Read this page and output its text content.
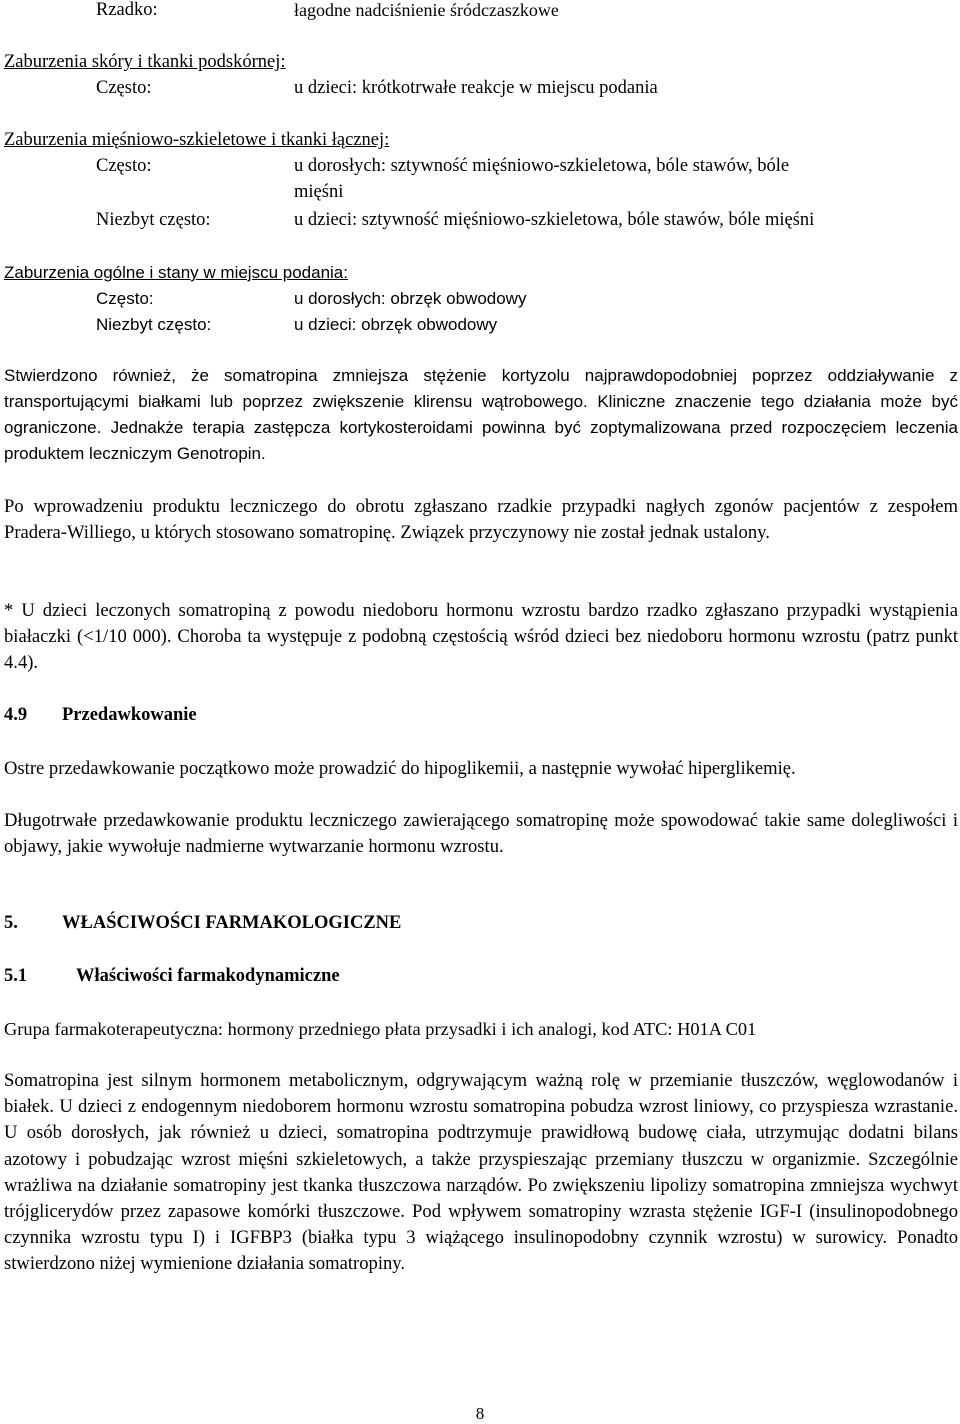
Rzadko:	łagodne nadciśnienie śródczaszkowe
Zaburzenia skóry i tkanki podskórnej:
Często:	u dzieci: krótkotrwałe reakcje w miejscu podania
Zaburzenia mięśniowo-szkieletowe i tkanki łącznej:
Często:	u dorosłych: sztywność mięśniowo-szkieletowa, bóle stawów, bóle
mięśni
Niezbyt często:	u dzieci: sztywność mięśniowo-szkieletowa, bóle stawów, bóle mięśni
Zaburzenia ogólne i stany w miejscu podania:
Często:	u dorosłych: obrzęk obwodowy
Niezbyt często:	u dzieci: obrzęk obwodowy
Stwierdzono również, że somatropina zmniejsza stężenie kortyzolu najprawdopodobniej poprzez oddziaływanie z transportującymi białkami lub poprzez zwiększenie klirensu wątrobowego. Kliniczne znaczenie tego działania może być ograniczone. Jednakże terapia zastępcza kortykosteroidami powinna być zoptymalizowana przed rozpoczęciem leczenia produktem leczniczym Genotropin.
Po wprowadzeniu produktu leczniczego do obrotu zgłaszano rzadkie przypadki nagłych zgonów pacjentów z zespołem Pradera-Williego, u których stosowano somatropinę. Związek przyczynowy nie został jednak ustalony.
* U dzieci leczonych somatropiną z powodu niedoboru hormonu wzrostu bardzo rzadko zgłaszano przypadki wystąpienia białaczki (<1/10 000). Choroba ta występuje z podobną częstością wśród dzieci bez niedoboru hormonu wzrostu (patrz punkt 4.4).
4.9 Przedawkowanie
Ostre przedawkowanie początkowo może prowadzić do hipoglikemii, a następnie wywołać hiperglikemię.
Długotrwałe przedawkowanie produktu leczniczego zawierającego somatropinę może spowodować takie same dolegliwości i objawy, jakie wywołuje nadmierne wytwarzanie hormonu wzrostu.
5. WŁAŚCIWOŚCI FARMAKOLOGICZNE
5.1	Właściwości farmakodynamiczne
Grupa farmakoterapeutyczna: hormony przedniego płata przysadki i ich analogi, kod ATC: H01A C01
Somatropina jest silnym hormonem metabolicznym, odgrywającym ważną rolę w przemianie tłuszczów, węglowodanów i białek. U dzieci z endogennym niedoborem hormonu wzrostu somatropina pobudza wzrost liniowy, co przyspiesza wzrastanie. U osób dorosłych, jak również u dzieci, somatropina podtrzymuje prawidłową budowę ciała, utrzymując dodatni bilans azotowy i pobudzając wzrost mięśni szkieletowych, a także przyspieszając przemiany tłuszczu w organizmie. Szczególnie wrażliwa na działanie somatropiny jest tkanka tłuszczowa narządów. Po zwiększeniu lipolizy somatropina zmniejsza wychwyt trójglicerydów przez zapasowe komórki tłuszczowe. Pod wpływem somatropiny wzrasta stężenie IGF-I (insulinopodobnego czynnika wzrostu typu I) i IGFBP3 (białka typu 3 wiążącego insulinopodobny czynnik wzrostu) w surowicy. Ponadto stwierdzono niżej wymienione działania somatropiny.
8
